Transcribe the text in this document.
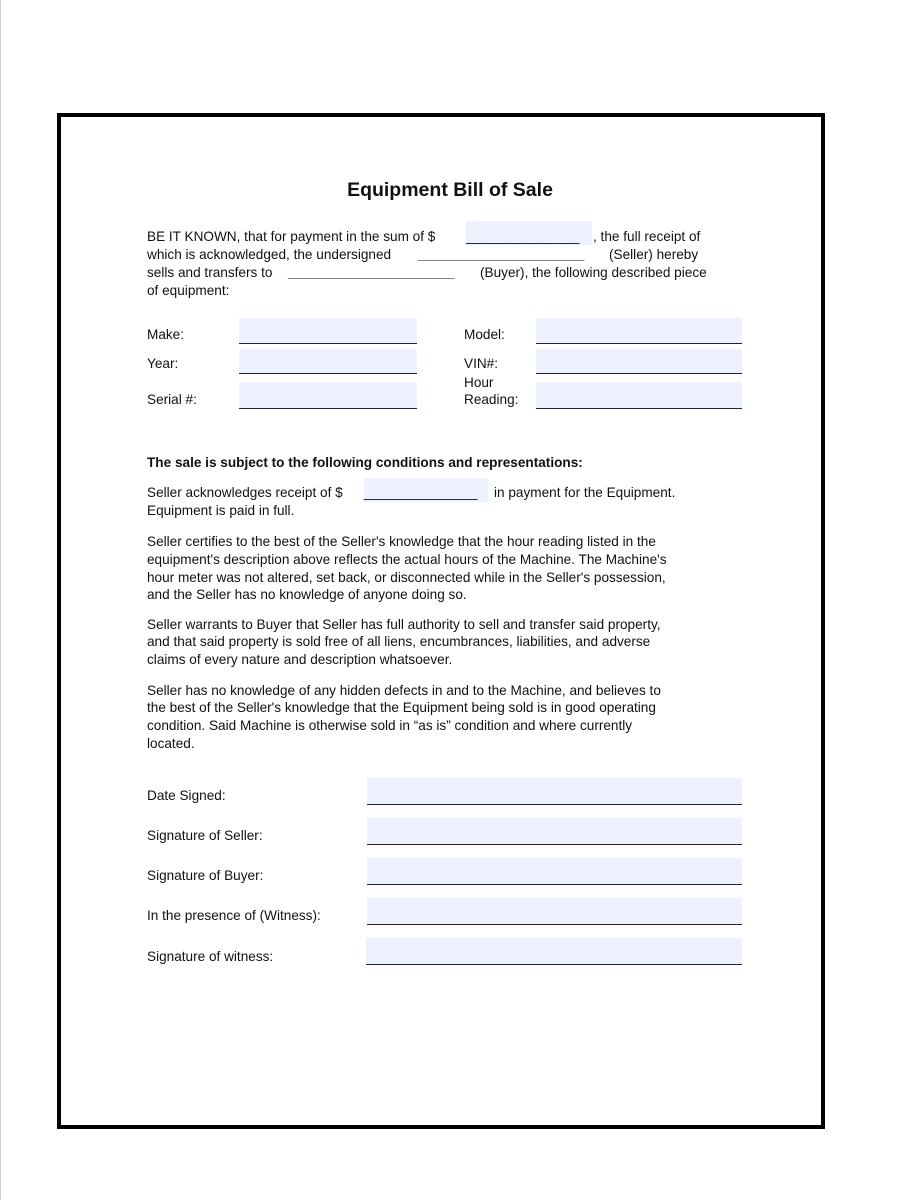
Equipment Bill of Sale
BE IT KNOWN, that for payment in the sum of $ _______________ , the full receipt of
which is acknowledged, the undersigned ______________________ (Seller) hereby
sells and transfers to ______________________ (Buyer), the following described piece
of equipment:
Make:
Year:
Serial #:
Model:
VIN#:
Hour
Reading:
The sale is subject to the following conditions and representations:
Seller acknowledges receipt of $ _______________ in payment for the Equipment.
Equipment is paid in full.
Seller certifies to the best of the Seller's knowledge that the hour reading listed in the
equipment's description above reflects the actual hours of the Machine. The Machine's
hour meter was not altered, set back, or disconnected while in the Seller's possession,
and the Seller has no knowledge of anyone doing so.
Seller warrants to Buyer that Seller has full authority to sell and transfer said property,
and that said property is sold free of all liens, encumbrances, liabilities, and adverse
claims of every nature and description whatsoever.
Seller has no knowledge of any hidden defects in and to the Machine, and believes to
the best of the Seller's knowledge that the Equipment being sold is in good operating
condition. Said Machine is otherwise sold in “as is” condition and where currently
located.
Date Signed:
Signature of Seller:
Signature of Buyer:
In the presence of (Witness):
Signature of witness:
